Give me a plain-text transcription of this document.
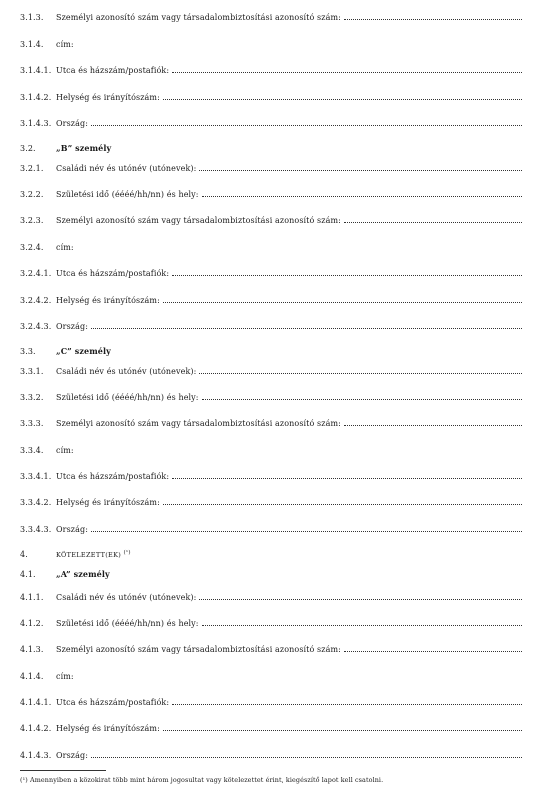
3.1.3.	Személyi azonosító szám vagy társadalombiztosítási azonosító szám:
3.1.4.	cím:
3.1.4.1. Utca és házszám/postafiók:
3.1.4.2. Helység és irányítószám:
3.1.4.3. Ország:
3.2.	„B” személy
3.2.1.	Családi név és utónév (utónevek):
3.2.2.	Születési idő (éééé/hh/nn) és hely:
3.2.3.	Személyi azonosító szám vagy társadalombiztosítási azonosító szám:
3.2.4.	cím:
3.2.4.1. Utca és házszám/postafiók:
3.2.4.2. Helység és irányítószám:
3.2.4.3. Ország:
3.3.	„C” személy
3.3.1.	Családi név és utónév (utónevek):
3.3.2.	Születési idő (éééé/hh/nn) és hely:
3.3.3.	Személyi azonosító szám vagy társadalombiztosítási azonosító szám:
3.3.4.	cím:
3.3.4.1. Utca és házszám/postafiók:
3.3.4.2. Helység és irányítószám:
3.3.4.3. Ország:
4.	KÖTELEZETT(EK) $^{(^1)}$
4.1.	„A” személy
4.1.1.	Családi név és utónév (utónevek):
4.1.2.	Születési idő (éééé/hh/nn) és hely:
4.1.3.	Személyi azonosító szám vagy társadalombiztosítási azonosító szám:
4.1.4.	cím:
4.1.4.1. Utca és házszám/postafiók:
4.1.4.2. Helység és irányítószám:
4.1.4.3. Ország:
(¹) Amennyiben a közokirat több mint három jogosultat vagy kötelezettet érint, kiegészítő lapot kell csatolni.
